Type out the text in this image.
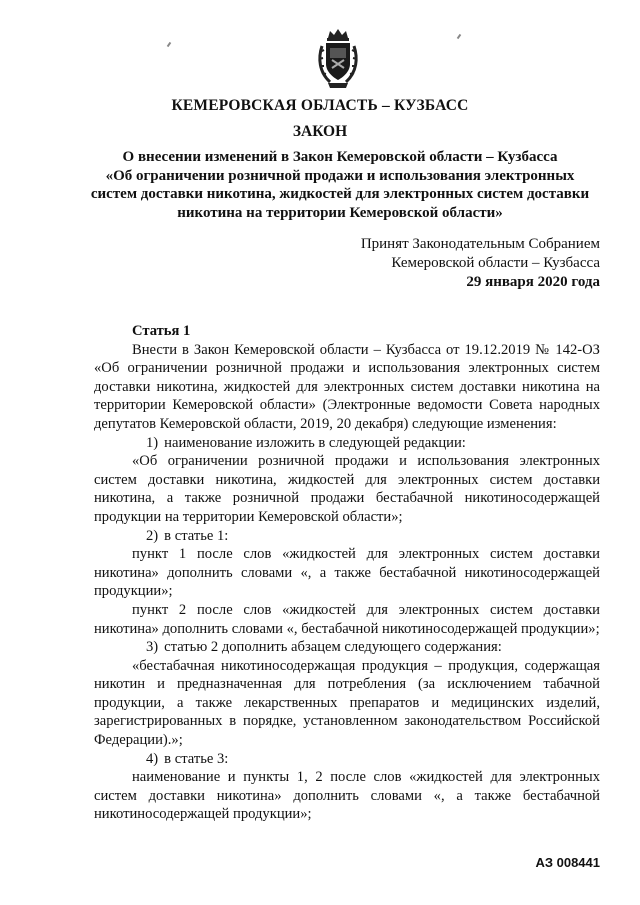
КЕМЕРОВСКАЯ ОБЛАСТЬ – КУЗБАСС
ЗАКОН
О внесении изменений в Закон Кемеровской области – Кузбасса
«Об ограничении розничной продажи и использования электронных
систем доставки никотина, жидкостей для электронных систем доставки
никотина на территории Кемеровской области»
Принят Законодательным Собранием
Кемеровской области – Кузбасса
29 января 2020 года

Статья 1

Внести в Закон Кемеровской области – Кузбасса от 19.12.2019 № 142-ОЗ «Об ограничении розничной продажи и использования электронных систем доставки никотина, жидкостей для электронных систем доставки никотина на территории Кемеровской области» (Электронные ведомости Совета народных депутатов Кемеровской области, 2019, 20 декабря) следующие изменения:

1) наименование изложить в следующей редакции:

«Об ограничении розничной продажи и использования электронных систем доставки никотина, жидкостей для электронных систем доставки никотина, а также розничной продажи бестабачной никотиносодержащей продукции на территории Кемеровской области»;

2) в статье 1:

пункт 1 после слов «жидкостей для электронных систем доставки никотина» дополнить словами «, а также бестабачной никотиносодержащей продукции»;

пункт 2 после слов «жидкостей для электронных систем доставки никотина» дополнить словами «, бестабачной никотиносодержащей продукции»;

3) статью 2 дополнить абзацем следующего содержания:

«бестабачная никотиносодержащая продукция – продукция, содержащая никотин и предназначенная для потребления (за исключением табачной продукции, а также лекарственных препаратов и медицинских изделий, зарегистрированных в порядке, установленном законодательством Российской Федерации).»;

4) в статье 3:

наименование и пункты 1, 2 после слов «жидкостей для электронных систем доставки никотина» дополнить словами «, а также бестабачной никотиносодержащей продукции»;

АЗ 008441
